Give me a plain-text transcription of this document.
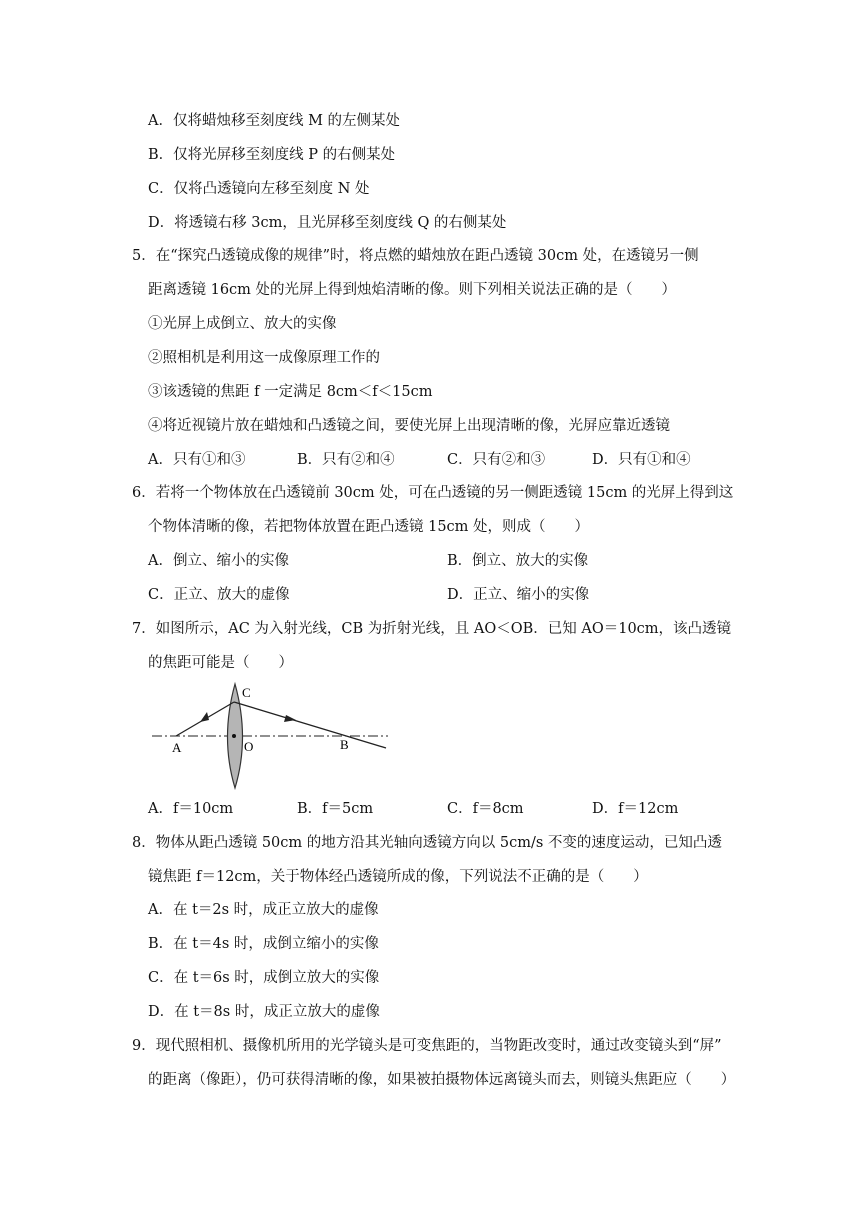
A．仅将蜡烛移至刻度线 M 的左侧某处
B．仅将光屏移至刻度线 P 的右侧某处
C．仅将凸透镜向左移至刻度 N 处
D．将透镜右移 3cm，且光屏移至刻度线 Q 的右侧某处
5．在“探究凸透镜成像的规律”时，将点燃的蜡烛放在距凸透镜 30cm 处，在透镜另一侧
距离透镜 16cm 处的光屏上得到烛焰清晰的像。则下列相关说法正确的是（　　）
①光屏上成倒立、放大的实像
②照相机是利用这一成像原理工作的
③该透镜的焦距 f 一定满足 8cm＜f＜15cm
④将近视镜片放在蜡烛和凸透镜之间，要使光屏上出现清晰的像，光屏应靠近透镜
A．只有①和③	B．只有②和④	C．只有②和③	D．只有①和④
6．若将一个物体放在凸透镜前 30cm 处，可在凸透镜的另一侧距透镜 15cm 的光屏上得到这
个物体清晰的像，若把物体放置在距凸透镜 15cm 处，则成（　　）
A．倒立、缩小的实像	B．倒立、放大的实像
C．正立、放大的虚像	D．正立、缩小的实像
7．如图所示，AC 为入射光线，CB 为折射光线，且 AO＜OB．已知 AO＝10cm，该凸透镜
的焦距可能是（　　）
A	O
C
B
A．f＝10cm	B．f＝5cm	C．f＝8cm	D．f＝12cm
8．物体从距凸透镜 50cm 的地方沿其光轴向透镜方向以 5cm/s 不变的速度运动，已知凸透
镜焦距 f＝12cm，关于物体经凸透镜所成的像，下列说法不正确的是（　　）
A．在 t＝2s 时，成正立放大的虚像
B．在 t＝4s 时，成倒立缩小的实像
C．在 t＝6s 时，成倒立放大的实像
D．在 t＝8s 时，成正立放大的虚像
9．现代照相机、摄像机所用的光学镜头是可变焦距的，当物距改变时，通过改变镜头到“屏”
的距离（像距），仍可获得清晰的像，如果被拍摄物体远离镜头而去，则镜头焦距应（　　）
